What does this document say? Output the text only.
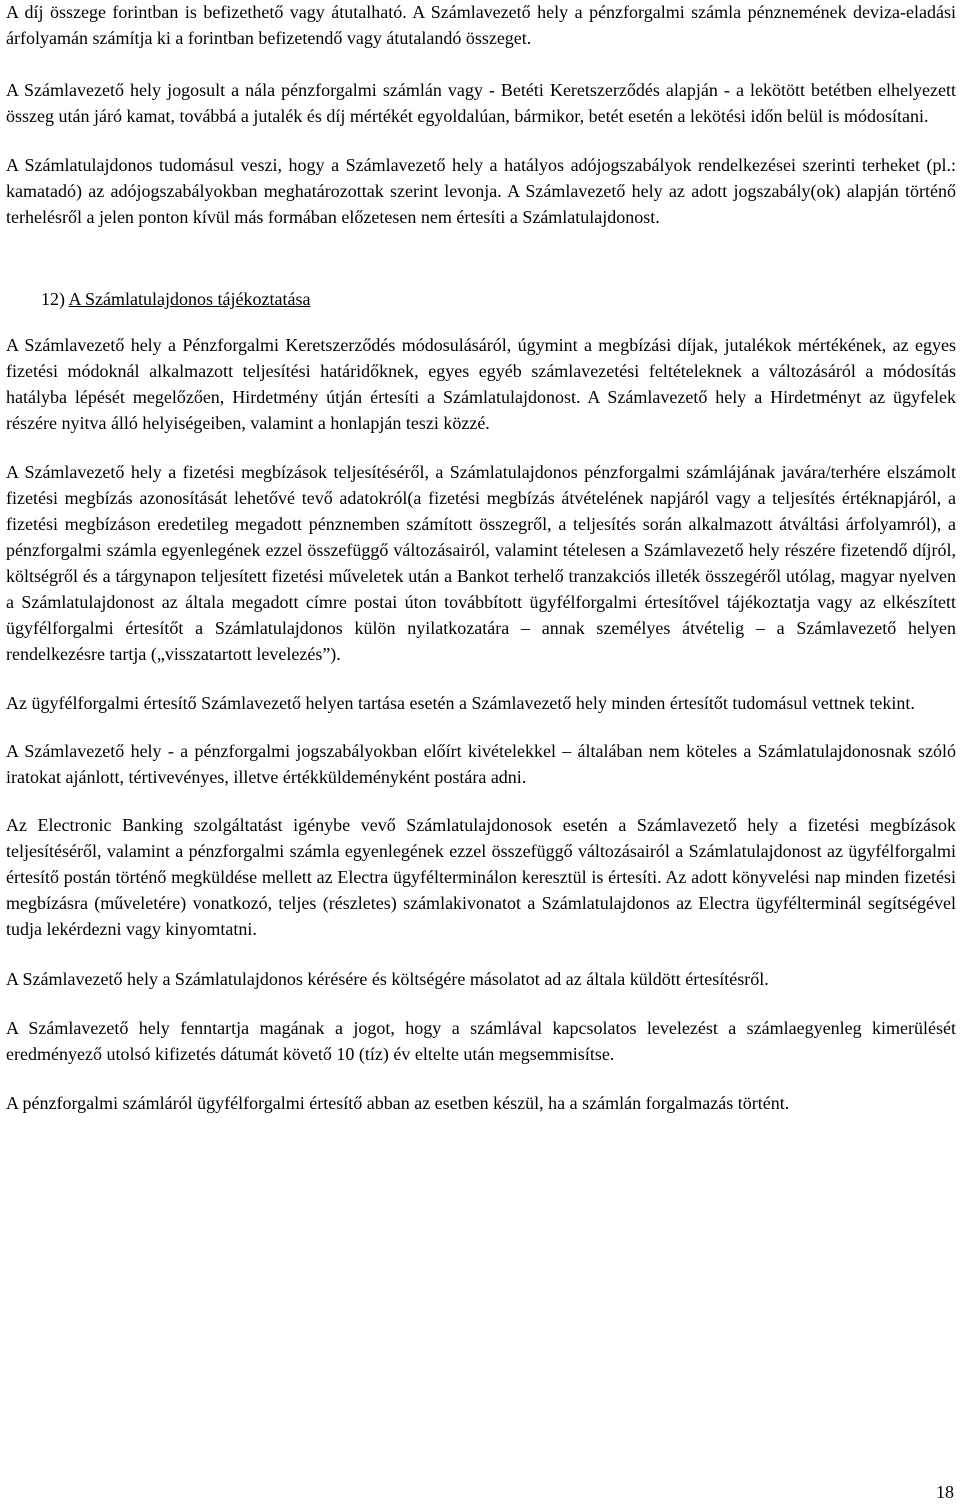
A díj összege forintban is befizethető vagy átutalható. A Számlavezető hely a pénzforgalmi számla pénznemének deviza-eladási árfolyamán számítja ki a forintban befizetendő vagy átutalandó összeget.

A Számlavezető hely jogosult a nála pénzforgalmi számlán vagy - Betéti Keretszerződés alapján - a lekötött betétben elhelyezett összeg után járó kamat, továbbá a jutalék és díj mértékét egyoldalúan, bármikor, betét esetén a lekötési időn belül is módosítani.

A Számlatulajdonos tudomásul veszi, hogy a Számlavezető hely a hatályos adójogszabályok rendelkezései szerinti terheket (pl.: kamatadó) az adójogszabályokban meghatározottak szerint levonja. A Számlavezető hely az adott jogszabály(ok) alapján történő terhelésről a jelen ponton kívül más formában előzetesen nem értesíti a Számlatulajdonost.

12) A Számlatulajdonos tájékoztatása

A Számlavezető hely a Pénzforgalmi Keretszerződés módosulásáról, úgymint a megbízási díjak, jutalékok mértékének, az egyes fizetési módoknál alkalmazott teljesítési határidőknek, egyes egyéb számlavezetési feltételeknek a változásáról a módosítás hatályba lépését megelőzően, Hirdetmény útján értesíti a Számlatulajdonost. A Számlavezető hely a Hirdetményt az ügyfelek részére nyitva álló helyiségeiben, valamint a honlapján teszi közzé.

A Számlavezető hely a fizetési megbízások teljesítéséről, a Számlatulajdonos pénzforgalmi számlájának javára/terhére elszámolt fizetési megbízás azonosítását lehetővé tevő adatokról(a fizetési megbízás átvételének napjáról vagy a teljesítés értéknapjáról, a fizetési megbízáson eredetileg megadott pénznemben számított összegről, a teljesítés során alkalmazott átváltási árfolyamról), a pénzforgalmi számla egyenlegének ezzel összefüggő változásairól, valamint tételesen a Számlavezető hely részére fizetendő díjról, költségről és a tárgynapon teljesített fizetési műveletek után a Bankot terhelő tranzakciós illeték összegéről utólag, magyar nyelven a Számlatulajdonost az általa megadott címre postai úton továbbított ügyfélforgalmi értesítővel tájékoztatja vagy az elkészített ügyfélforgalmi értesítőt a Számlatulajdonos külön nyilatkozatára – annak személyes átvételig – a Számlavezető helyen rendelkezésre tartja („visszatartott levelezés”).

Az ügyfélforgalmi értesítő Számlavezető helyen tartása esetén a Számlavezető hely minden értesítőt tudomásul vettnek tekint.

A Számlavezető hely - a pénzforgalmi jogszabályokban előírt kivételekkel – általában nem köteles a Számlatulajdonosnak szóló iratokat ajánlott, tértivevényes, illetve értékküldeményként postára adni.

Az Electronic Banking szolgáltatást igénybe vevő Számlatulajdonosok esetén a Számlavezető hely a fizetési megbízások teljesítéséről, valamint a pénzforgalmi számla egyenlegének ezzel összefüggő változásairól a Számlatulajdonost az ügyfélforgalmi értesítő postán történő megküldése mellett az Electra ügyfélterminálon keresztül is értesíti. Az adott könyvelési nap minden fizetési megbízásra (műveletére) vonatkozó, teljes (részletes) számlakivonatot a Számlatulajdonos az Electra ügyfélterminál segítségével tudja lekérdezni vagy kinyomtatni.

A Számlavezető hely a Számlatulajdonos kérésére és költségére másolatot ad az általa küldött értesítésről.

A Számlavezető hely fenntartja magának a jogot, hogy a számlával kapcsolatos levelezést a számlaegyenleg kimerülését eredményező utolsó kifizetés dátumát követő 10 (tíz) év eltelte után megsemmisítse.

A pénzforgalmi számláról ügyfélforgalmi értesítő abban az esetben készül, ha a számlán forgalmazás történt.

18
